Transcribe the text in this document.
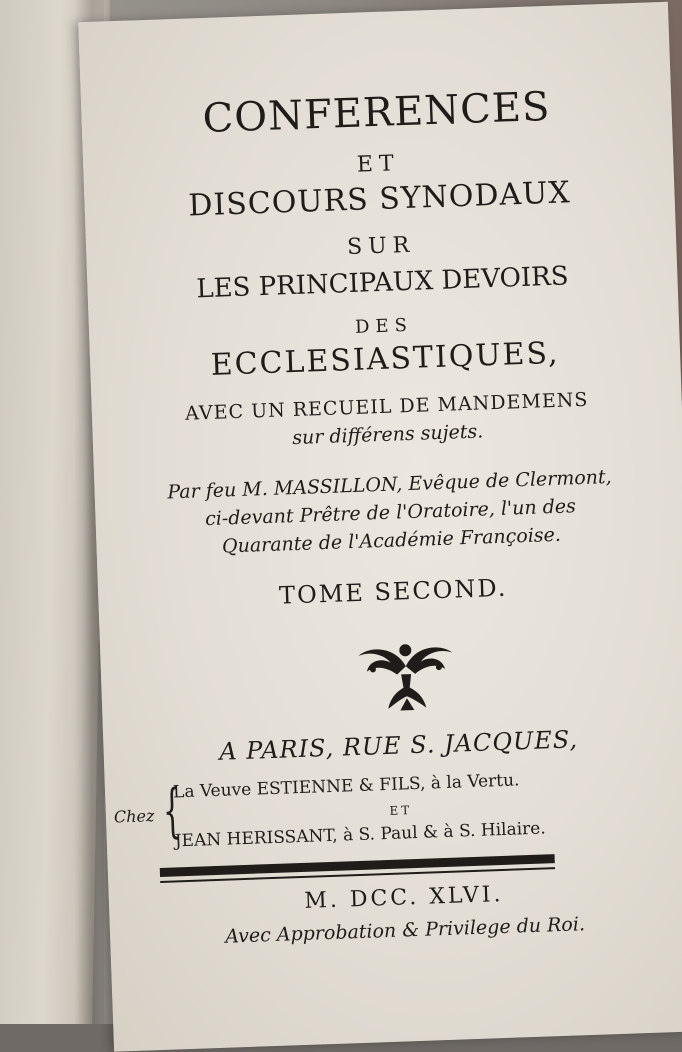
CONFERENCES
ET
DISCOURS SYNODAUX
SUR
LES PRINCIPAUX DEVOIRS
DES
ECCLESIASTIQUES,
AVEC UN RECUEIL DE MANDEMENS
sur différens sujets.
Par feu M. MASSILLON, Evêque de Clermont,
ci-devant Prêtre de l'Oratoire, l'un des
Quarante de l'Académie Françoise.
TOME SECOND.
A PARIS, RUE S. JACQUES,
Chez {
La Veuve ESTIENNE & FILS, à la Vertu.
ET
JEAN HERISSANT, à S. Paul & à S. Hilaire.
M. DCC. XLVI.
Avec Approbation & Privilege du Roi.
